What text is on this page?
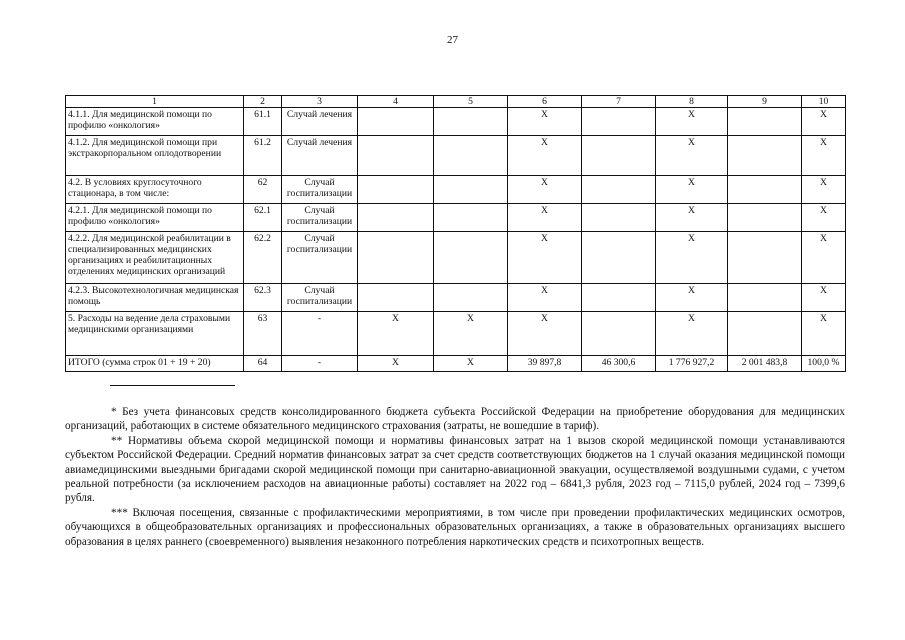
27
1	2	3	4	5	6	7	8	9	10
4.1.1. Для медицинской помощи по профилю «онкология»	61.1	Случай лечения			X		X		X
4.1.2. Для медицинской помощи при экстракорпоральном оплодотворении	61.2	Случай лечения			X		X		X
4.2. В условиях круглосуточного стационара, в том числе:	62	Случай госпитализации			X		X		X
4.2.1. Для медицинской помощи по профилю «онкология»	62.1	Случай госпитализации			X		X		X
4.2.2. Для медицинской реабилитации в специализированных медицинских организациях и реабилитационных отделениях медицинских организаций	62.2	Случай госпитализации			X		X		X
4.2.3. Высокотехнологичная медицинская помощь	62.3	Случай госпитализации			X		X		X
5. Расходы на ведение дела страховыми медицинскими организациями	63	-	X	X	X		X		X
ИТОГО (сумма строк 01 + 19 + 20)	64	-	X	X	39 897,8	46 300,6	1 776 927,2	2 001 483,8	100,0 %

* Без учета финансовых средств консолидированного бюджета субъекта Российской Федерации на приобретение оборудования для медицинских организаций, работающих в системе обязательного медицинского страхования (затраты, не вошедшие в тариф).

** Нормативы объема скорой медицинской помощи и нормативы финансовых затрат на 1 вызов скорой медицинской помощи устанавливаются субъектом Российской Федерации. Средний норматив финансовых затрат за счет средств соответствующих бюджетов на 1 случай оказания медицинской помощи авиамедицинскими выездными бригадами скорой медицинской помощи при санитарно-авиационной эвакуации, осуществляемой воздушными судами, с учетом реальной потребности (за исключением расходов на авиационные работы) составляет на 2022 год – 6841,3 рубля, 2023 год – 7115,0 рублей, 2024 год – 7399,6 рубля.

*** Включая посещения, связанные с профилактическими мероприятиями, в том числе при проведении профилактических медицинских осмотров, обучающихся в общеобразовательных организациях и профессиональных образовательных организациях, а также в образовательных организациях высшего образования в целях раннего (своевременного) выявления незаконного потребления наркотических средств и психотропных веществ.
